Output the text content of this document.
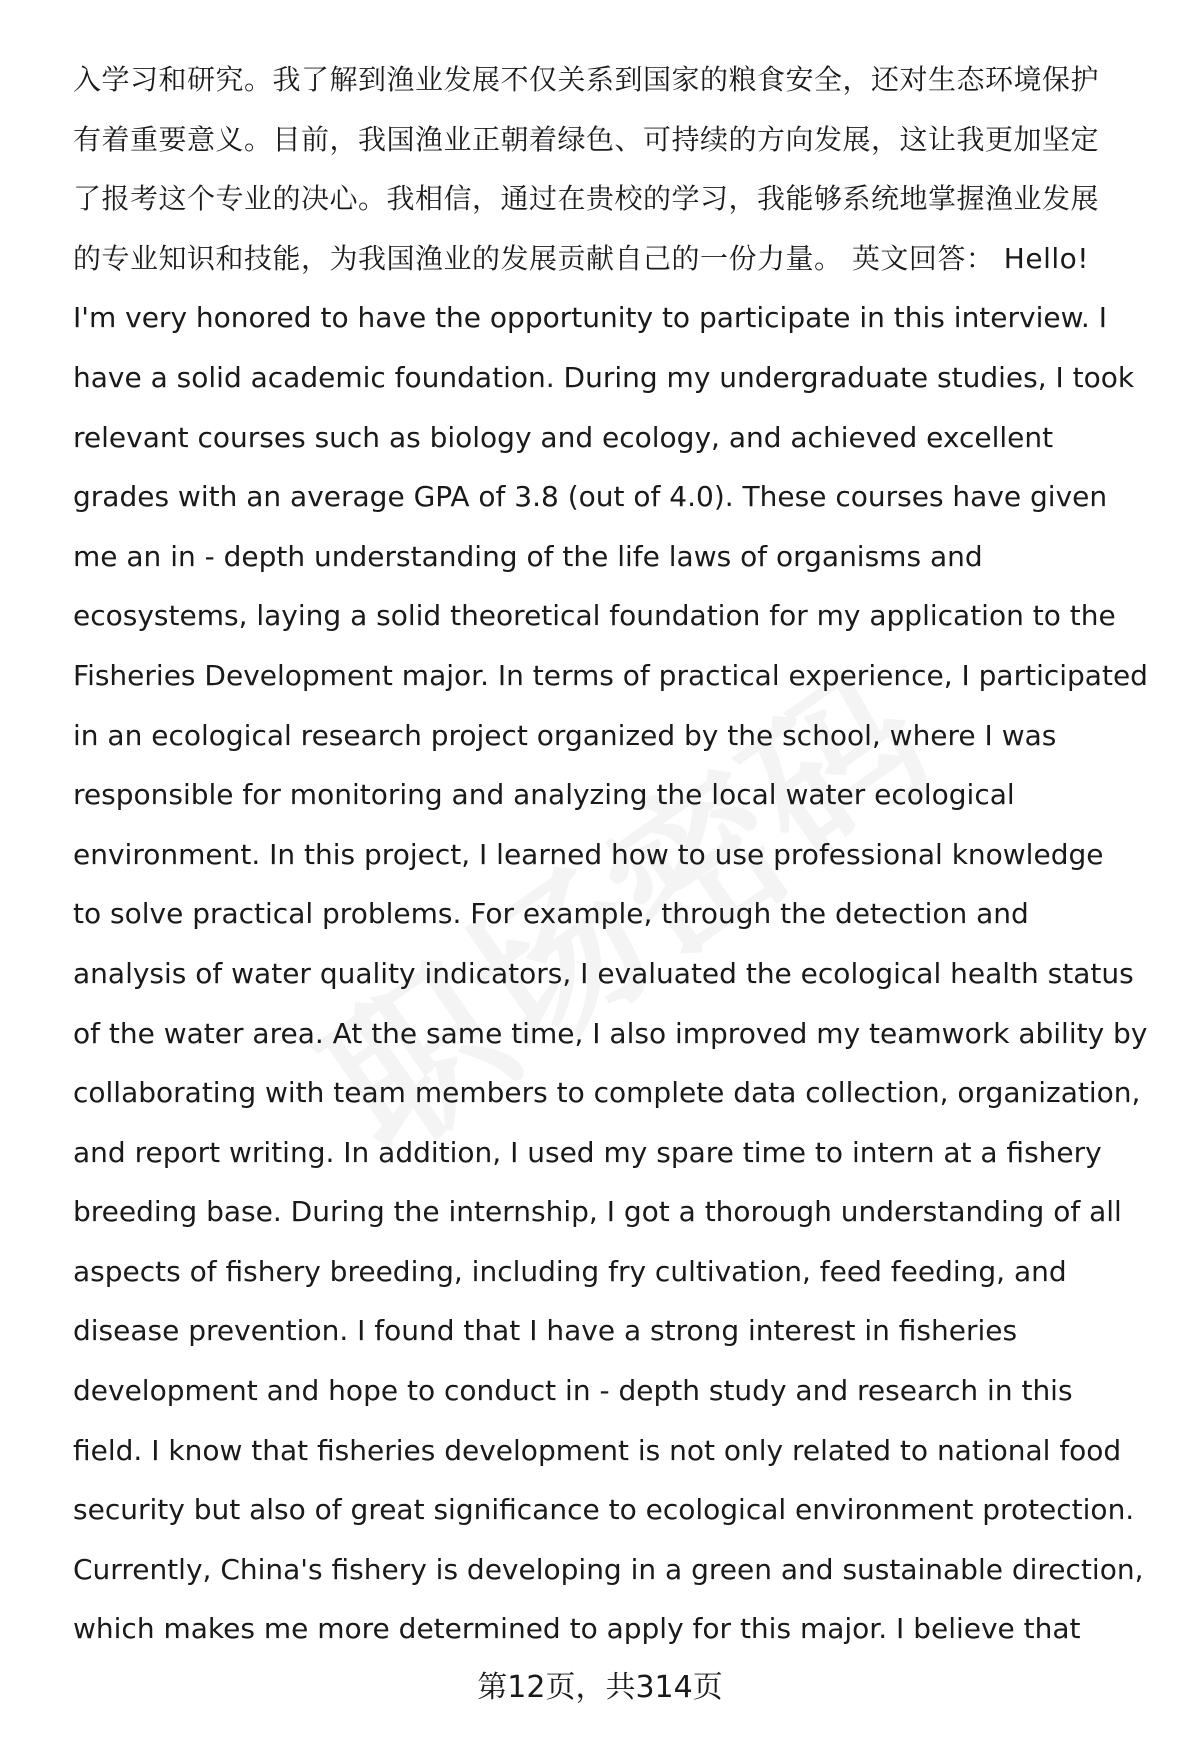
入学习和研究。我了解到渔业发展不仅关系到国家的粮食安全，还对生态环境保护
有着重要意义。目前，我国渔业正朝着绿色、可持续的方向发展，这让我更加坚定
了报考这个专业的决心。我相信，通过在贵校的学习，我能够系统地掌握渔业发展
的专业知识和技能，为我国渔业的发展贡献自己的一份力量。 英文回答： Hello!
I'm very honored to have the opportunity to participate in this interview. I
have a solid academic foundation. During my undergraduate studies, I took
relevant courses such as biology and ecology, and achieved excellent
grades with an average GPA of 3.8 (out of 4.0). These courses have given
me an in - depth understanding of the life laws of organisms and
ecosystems, laying a solid theoretical foundation for my application to the
Fisheries Development major. In terms of practical experience, I participated
in an ecological research project organized by the school, where I was
responsible for monitoring and analyzing the local water ecological
environment. In this project, I learned how to use professional knowledge
to solve practical problems. For example, through the detection and
analysis of water quality indicators, I evaluated the ecological health status
of the water area. At the same time, I also improved my teamwork ability by
collaborating with team members to complete data collection, organization,
and report writing. In addition, I used my spare time to intern at a fishery
breeding base. During the internship, I got a thorough understanding of all
aspects of fishery breeding, including fry cultivation, feed feeding, and
disease prevention. I found that I have a strong interest in fisheries
development and hope to conduct in - depth study and research in this
field. I know that fisheries development is not only related to national food
security but also of great significance to ecological environment protection.
Currently, China's fishery is developing in a green and sustainable direction,
which makes me more determined to apply for this major. I believe that
第12页，共314页
